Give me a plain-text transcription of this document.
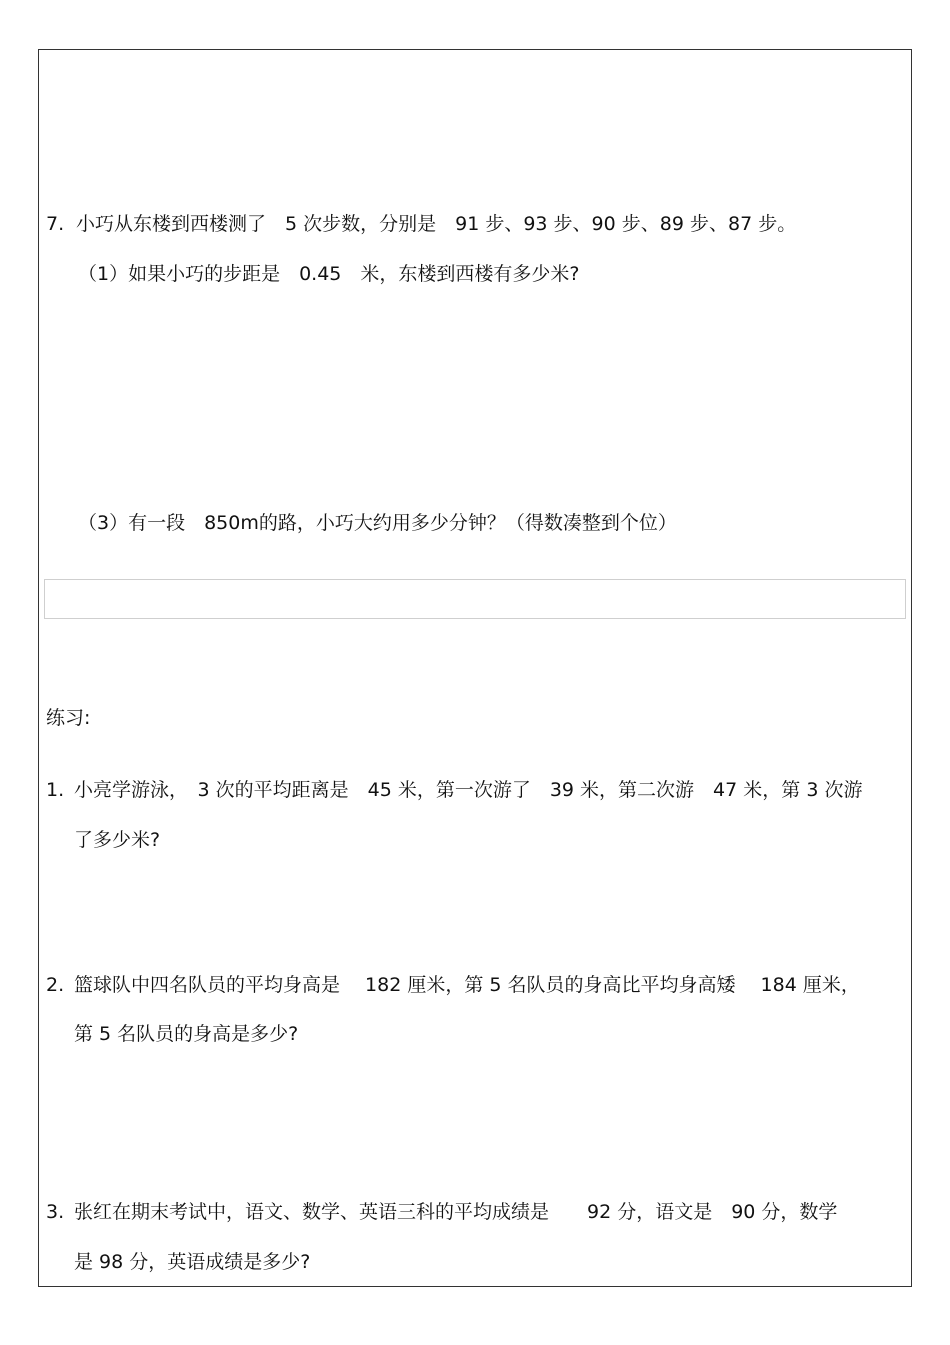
7. 小巧从东楼到西楼测了　5 次步数，分别是　91 步、93 步、90 步、89 步、87 步。
（1）如果小巧的步距是　0.45　米，东楼到西楼有多少米?
（3）有一段　850m的路，小巧大约用多少分钟？（得数凑整到个位）
练习:
1. 小亮学游泳，　3 次的平均距离是　45 米，第一次游了　39 米，第二次游　47 米，第 3 次游
了多少米?
2. 篮球队中四名队员的平均身高是　 182 厘米，第 5 名队员的身高比平均身高矮　 184 厘米，
第 5 名队员的身高是多少?
3. 张红在期末考试中，语文、数学、英语三科的平均成绩是　　92 分，语文是　90 分，数学
是 98 分，英语成绩是多少?
